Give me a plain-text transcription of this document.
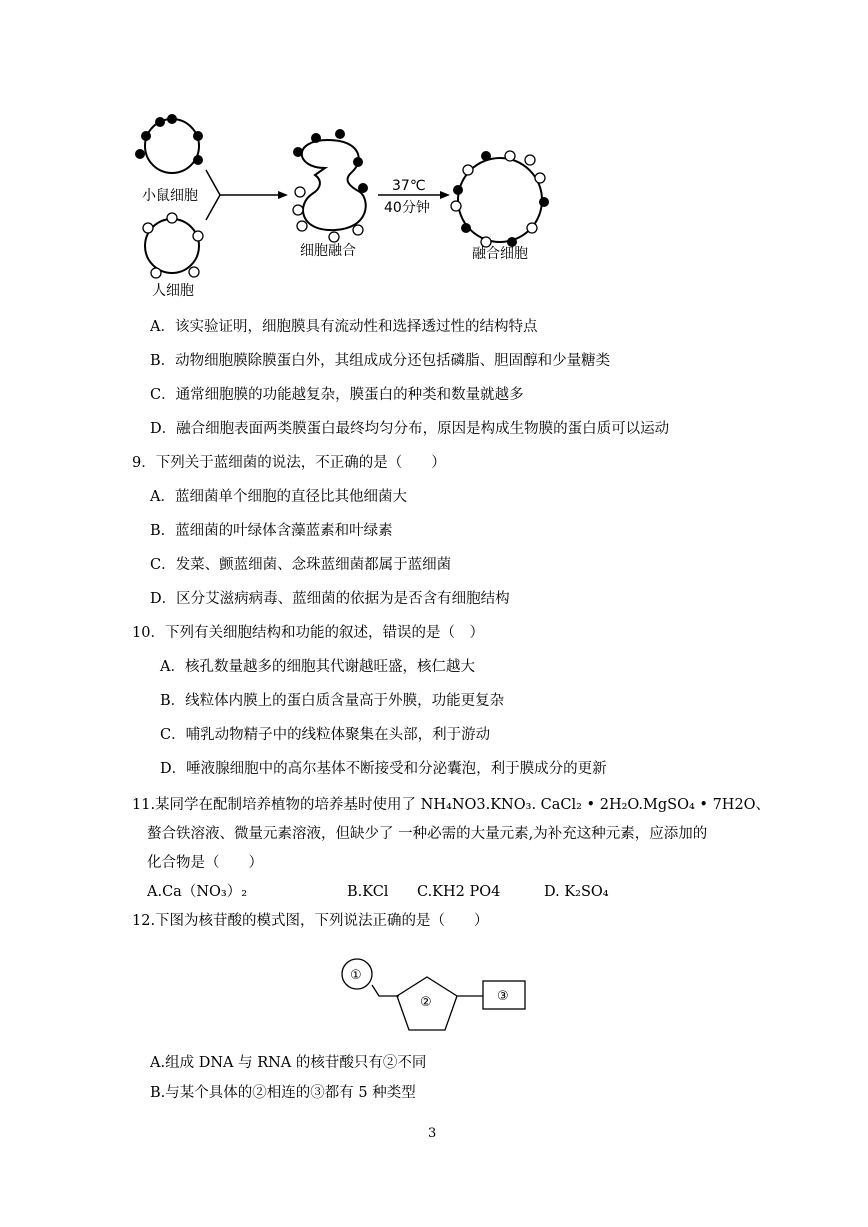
小鼠细胞
人细胞
细胞融合
37℃
40分钟
融合细胞
A．该实验证明，细胞膜具有流动性和选择透过性的结构特点
B．动物细胞膜除膜蛋白外，其组成成分还包括磷脂、胆固醇和少量糖类
C．通常细胞膜的功能越复杂，膜蛋白的种类和数量就越多
D．融合细胞表面两类膜蛋白最终均匀分布，原因是构成生物膜的蛋白质可以运动
9．下列关于蓝细菌的说法，不正确的是（　　）
A．蓝细菌单个细胞的直径比其他细菌大
B．蓝细菌的叶绿体含藻蓝素和叶绿素
C．发菜、颤蓝细菌、念珠蓝细菌都属于蓝细菌
D．区分艾滋病病毒、蓝细菌的依据为是否含有细胞结构
10．下列有关细胞结构和功能的叙述，错误的是（　）
A．核孔数量越多的细胞其代谢越旺盛，核仁越大
B．线粒体内膜上的蛋白质含量高于外膜，功能更复杂
C．哺乳动物精子中的线粒体聚集在头部，利于游动
D．唾液腺细胞中的高尔基体不断接受和分泌囊泡，利于膜成分的更新
11.某同学在配制培养植物的培养基时使用了 NH₄NO3.KNO₃. CaCl₂ • 2H₂O.MgSO₄ • 7H2O、
螯合铁溶液、微量元素溶液，但缺少了 一种必需的大量元素,为补充这种元素，应添加的
化合物是（　　）
A.Ca（NO₃）₂	B.KCl C.KH2 PO4	D. K₂SO₄
12.下图为核苷酸的模式图，下列说法正确的是（　　）
①
②	③
A.组成 DNA 与 RNA 的核苷酸只有②不同
B.与某个具体的②相连的③都有 5 种类型
3
